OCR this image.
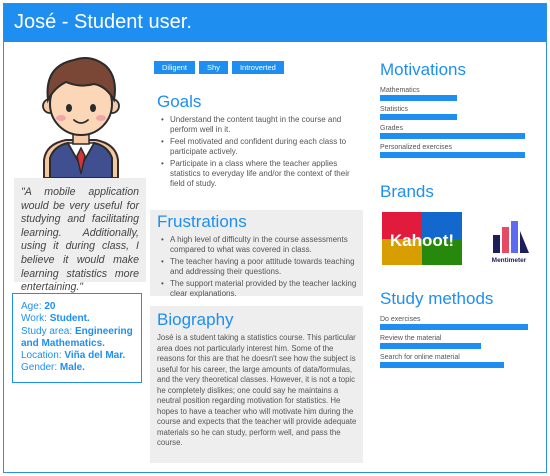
José - Student user.
"A mobile application would be very useful for studying and facilitating learning. Additionally, using it during class, I believe it would make learning statistics more entertaining."
Age: 20
Work: Student.
Study area: Engineering and Mathematics.
Location: Viña del Mar.
Gender: Male.
Diligent	Shy	Introverted
Goals
• Understand the content taught in the course and perform well in it.
• Feel motivated and confident during each class to participate actively.
• Participate in a class where the teacher applies statistics to everyday life and/or the context of their field of study.
Frustrations
• A high level of difficulty in the course assessments compared to what was covered in class.
• The teacher having a poor attitude towards teaching and addressing their questions.
• The support material provided by the teacher lacking clear explanations.
Biography
José is a student taking a statistics course. This particular area does not particularly interest him. Some of the reasons for this are that he doesn't see how the subject is useful for his career, the large amounts of data/formulas, and the very theoretical classes. However, it is not a topic he completely dislikes; one could say he maintains a neutral position regarding motivation for statistics. He hopes to have a teacher who will motivate him during the course and expects that the teacher will provide adequate materials so he can study, perform well, and pass the course.
Motivations
Mathematics
Statistics
Grades
Personalized exercises
Brands
Kahoot!
Mentimeter
Study methods
Do exercises
Review the material
Search for online material
